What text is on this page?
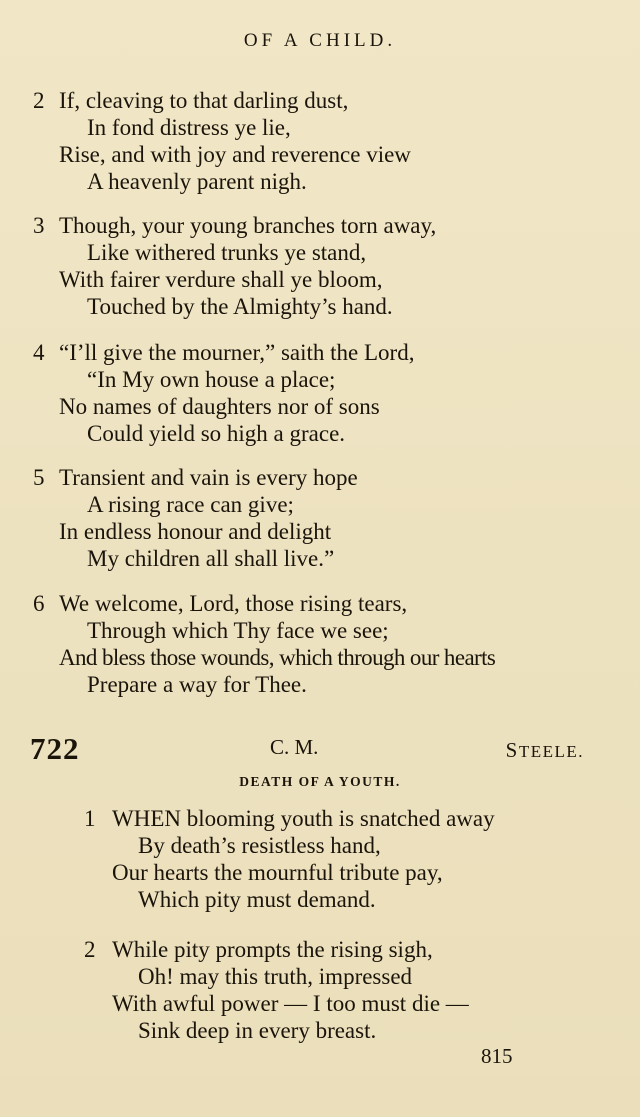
OF A CHILD.
2 If, cleaving to that darling dust,
In fond distress ye lie,
Rise, and with joy and reverence view
A heavenly parent nigh.
3 Though, your young branches torn away,
Like withered trunks ye stand,
With fairer verdure shall ye bloom,
Touched by the Almighty’s hand.
4 “I’ll give the mourner,” saith the Lord,
“In My own house a place;
No names of daughters nor of sons
Could yield so high a grace.
5 Transient and vain is every hope
A rising race can give;
In endless honour and delight
My children all shall live.”
6 We welcome, Lord, those rising tears,
Through which Thy face we see;
And bless those wounds, which through our hearts
Prepare a way for Thee.
722	C. M.	STEELE.
DEATH OF A YOUTH.
1 WHEN blooming youth is snatched away
By death’s resistless hand,
Our hearts the mournful tribute pay,
Which pity must demand.
2 While pity prompts the rising sigh,
Oh! may this truth, impressed
With awful power — I too must die —
Sink deep in every breast.
815
